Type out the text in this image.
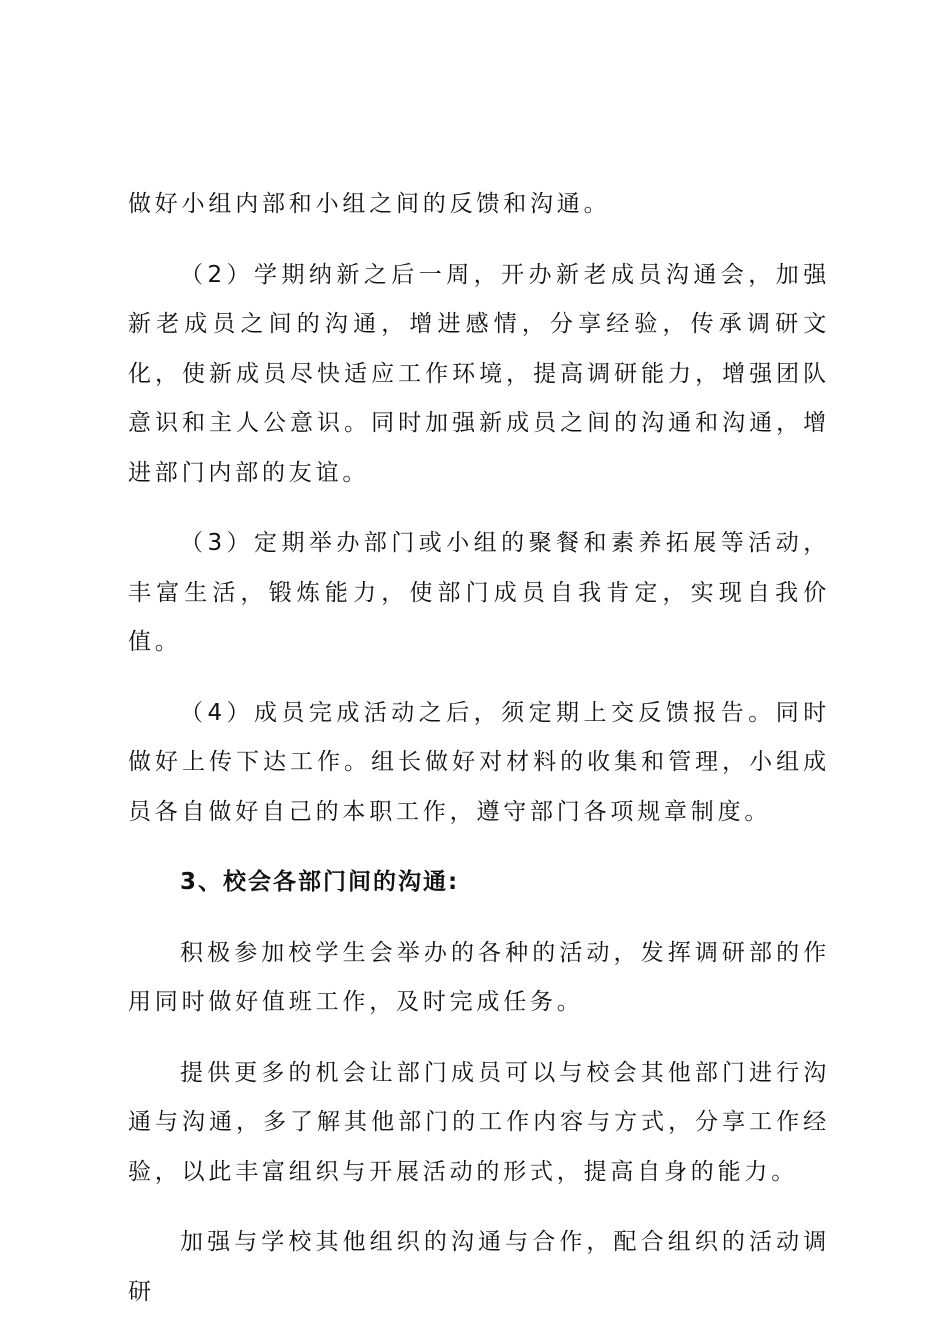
做好小组内部和小组之间的反馈和沟通。

（2）学期纳新之后一周，开办新老成员沟通会，加强新老成员之间的沟通，增进感情，分享经验，传承调研文化，使新成员尽快适应工作环境，提高调研能力，增强团队意识和主人公意识。同时加强新成员之间的沟通和沟通，增进部门内部的友谊。

（3）定期举办部门或小组的聚餐和素养拓展等活动，丰富生活，锻炼能力，使部门成员自我肯定，实现自我价值。

（4）成员完成活动之后，须定期上交反馈报告。同时做好上传下达工作。组长做好对材料的收集和管理，小组成员各自做好自己的本职工作，遵守部门各项规章制度。

3、校会各部门间的沟通:

积极参加校学生会举办的各种的活动，发挥调研部的作用同时做好值班工作，及时完成任务。

提供更多的机会让部门成员可以与校会其他部门进行沟通与沟通，多了解其他部门的工作内容与方式，分享工作经验，以此丰富组织与开展活动的形式，提高自身的能力。

加强与学校其他组织的沟通与合作，配合组织的活动调研
